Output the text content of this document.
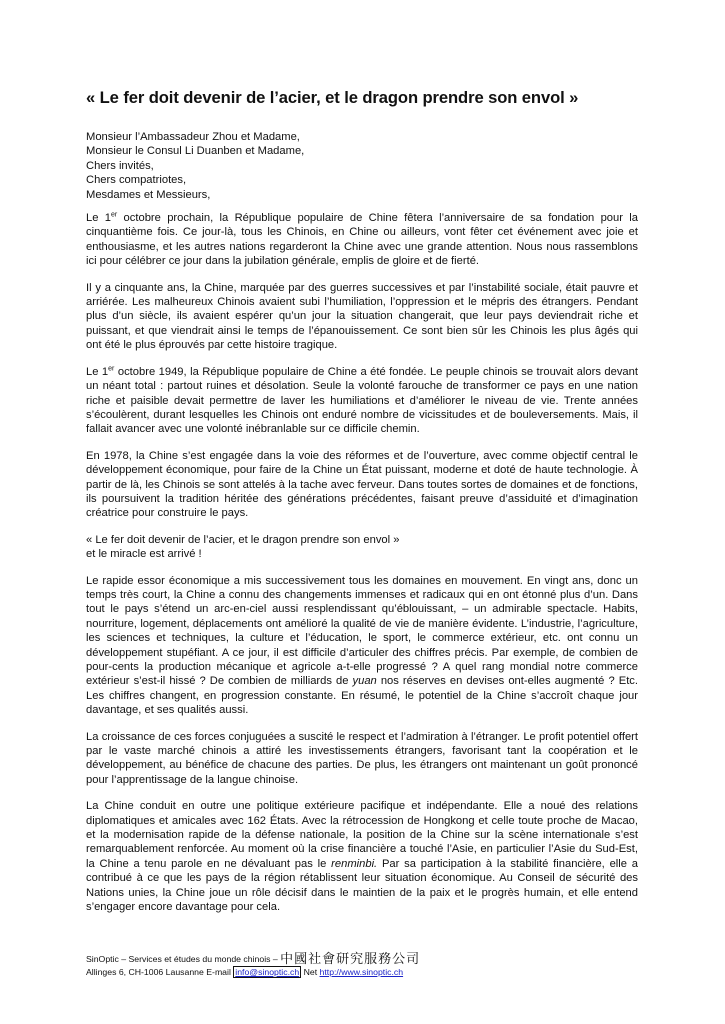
« Le fer doit devenir de l’acier, et le dragon prendre son envol »
Monsieur l’Ambassadeur Zhou et Madame,
Monsieur le Consul Li Duanben et Madame,
Chers invités,
Chers compatriotes,
Mesdames et Messieurs,

Le 1er octobre prochain, la République populaire de Chine fêtera l’anniversaire de sa fondation pour la cinquantième fois. Ce jour-là, tous les Chinois, en Chine ou ailleurs, vont fêter cet événement avec joie et enthousiasme, et les autres nations regarderont la Chine avec une grande attention. Nous nous rassemblons ici pour célébrer ce jour dans la jubilation générale, emplis de gloire et de fierté.

Il y a cinquante ans, la Chine, marquée par des guerres successives et par l’instabilité sociale, était pauvre et arriérée. Les malheureux Chinois avaient subi l’humiliation, l’oppression et le mépris des étrangers. Pendant plus d’un siècle, ils avaient espérer qu’un jour la situation changerait, que leur pays deviendrait riche et puissant, et que viendrait ainsi le temps de l’épanouissement. Ce sont bien sûr les Chinois les plus âgés qui ont été le plus éprouvés par cette histoire tragique.

Le 1er octobre 1949, la République populaire de Chine a été fondée. Le peuple chinois se trouvait alors devant un néant total : partout ruines et désolation. Seule la volonté farouche de transformer ce pays en une nation riche et paisible devait permettre de laver les humiliations et d’améliorer le niveau de vie. Trente années s’écoulèrent, durant lesquelles les Chinois ont enduré nombre de vicissitudes et de bouleversements. Mais, il fallait avancer avec une volonté inébranlable sur ce difficile chemin.

En 1978, la Chine s’est engagée dans la voie des réformes et de l’ouverture, avec comme objectif central le développement économique, pour faire de la Chine un État puissant, moderne et doté de haute technologie. À partir de là, les Chinois se sont attelés à la tache avec ferveur. Dans toutes sortes de domaines et de fonctions, ils poursuivent la tradition héritée des générations précédentes, faisant preuve d’assiduité et d’imagination créatrice pour construire le pays.

« Le fer doit devenir de l’acier, et le dragon prendre son envol »
et le miracle est arrivé !

Le rapide essor économique a mis successivement tous les domaines en mouvement. En vingt ans, donc un temps très court, la Chine a connu des changements immenses et radicaux qui en ont étonné plus d’un. Dans tout le pays s’étend un arc-en-ciel aussi resplendissant qu’éblouissant, – un admirable spectacle. Habits, nourriture, logement, déplacements ont amélioré la qualité de vie de manière évidente. L’industrie, l’agriculture, les sciences et techniques, la culture et l’éducation, le sport, le commerce extérieur, etc. ont connu un développement stupéfiant. A ce jour, il est difficile d’articuler des chiffres précis. Par exemple, de combien de pour-cents la production mécanique et agricole a-t-elle progressé ? A quel rang mondial notre commerce extérieur s’est-il hissé ? De combien de milliards de yuan nos réserves en devises ont-elles augmenté ? Etc. Les chiffres changent, en progression constante. En résumé, le potentiel de la Chine s’accroît chaque jour davantage, et ses qualités aussi.

La croissance de ces forces conjuguées a suscité le respect et l’admiration à l’étranger. Le profit potentiel offert par le vaste marché chinois a attiré les investissements étrangers, favorisant tant la coopération et le développement, au bénéfice de chacune des parties. De plus, les étrangers ont maintenant un goût prononcé pour l’apprentissage de la langue chinoise.

La Chine conduit en outre une politique extérieure pacifique et indépendante. Elle a noué des relations diplomatiques et amicales avec 162 États. Avec la rétrocession de Hongkong et celle toute proche de Macao, et la modernisation rapide de la défense nationale, la position de la Chine sur la scène internationale s’est remarquablement renforcée. Au moment où la crise financière a touché l’Asie, en particulier l’Asie du Sud-Est, la Chine a tenu parole en ne dévaluant pas le renminbi. Par sa participation à la stabilité financière, elle a contribué à ce que les pays de la région rétablissent leur situation économique. Au Conseil de sécurité des Nations unies, la Chine joue un rôle décisif dans le maintien de la paix et le progrès humain, et elle entend s’engager encore davantage pour cela.

SinOptic – Services et études du monde chinois – 中國社會研究服務公司
Allinges 6, CH-1006 Lausanne E-mail info@sinoptic.ch Net http://www.sinoptic.ch
